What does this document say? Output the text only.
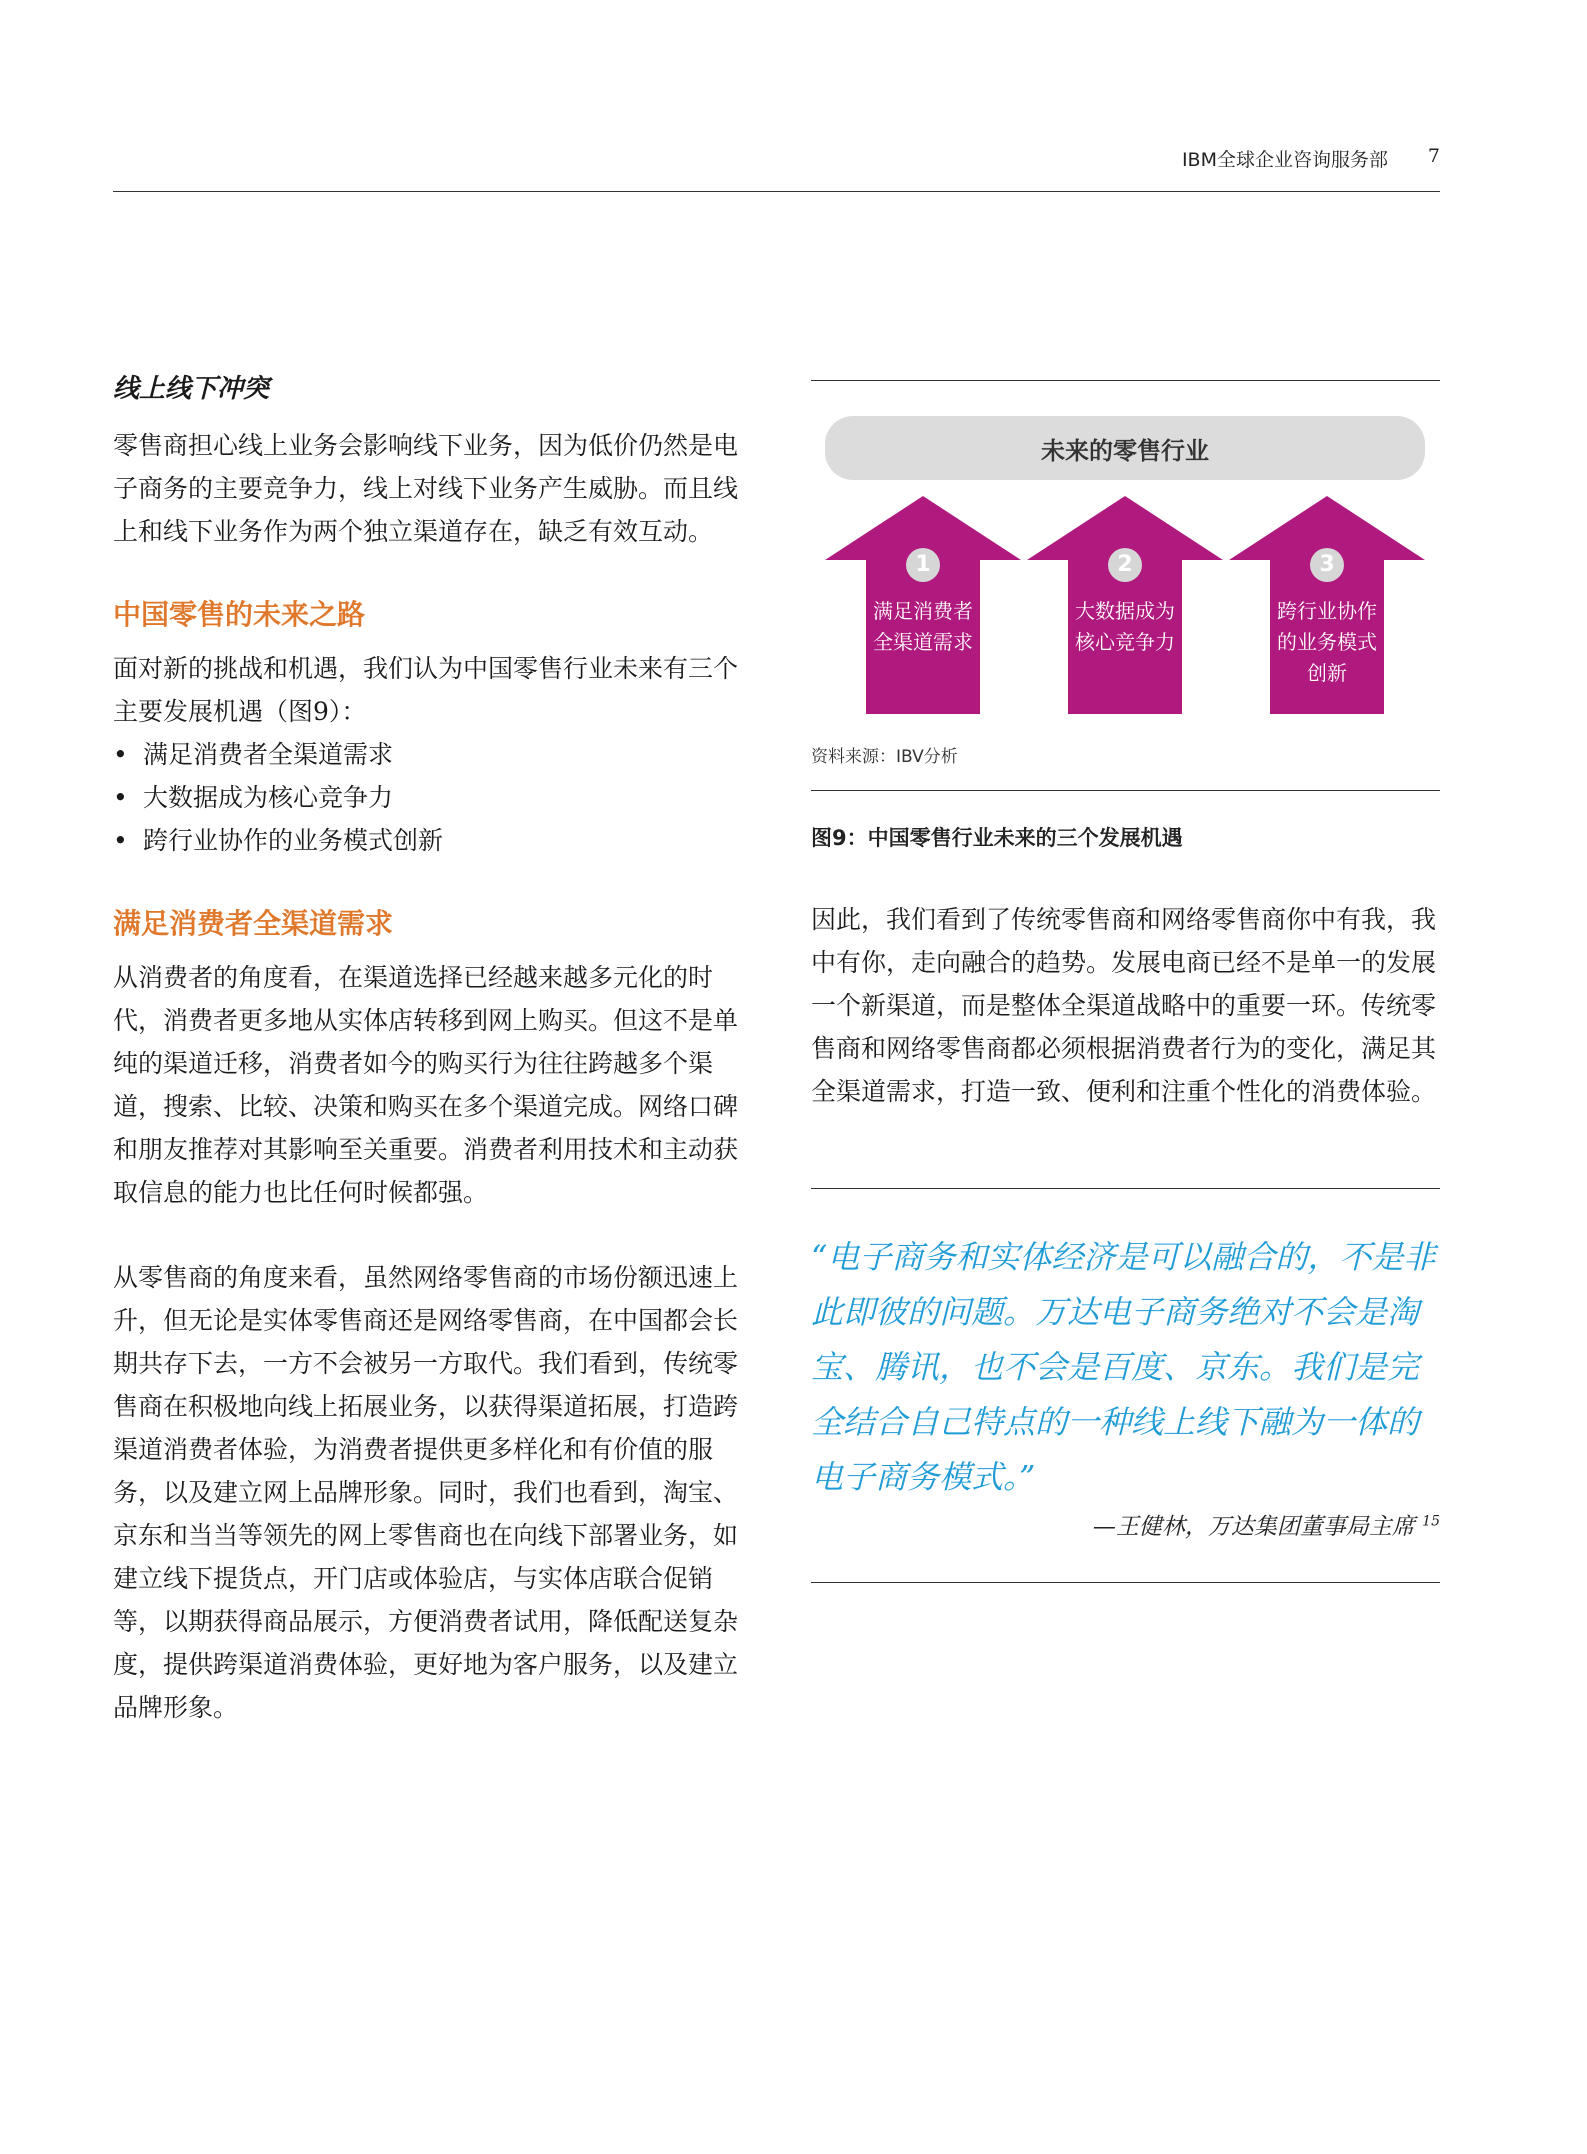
IBM全球企业咨询服务部 7

线上线下冲突

零售商担心线上业务会影响线下业务，因为低价仍然是电子商务的主要竞争力，线上对线下业务产生威胁。而且线上和线下业务作为两个独立渠道存在，缺乏有效互动。

中国零售的未来之路

面对新的挑战和机遇，我们认为中国零售行业未来有三个主要发展机遇（图9）：

• 满足消费者全渠道需求
• 大数据成为核心竞争力
• 跨行业协作的业务模式创新
满足消费者全渠道需求

从消费者的角度看，在渠道选择已经越来越多元化的时代，消费者更多地从实体店转移到网上购买。但这不是单纯的渠道迁移，消费者如今的购买行为往往跨越多个渠道，搜索、比较、决策和购买在多个渠道完成。网络口碑和朋友推荐对其影响至关重要。消费者利用技术和主动获取信息的能力也比任何时候都强。

从零售商的角度来看，虽然网络零售商的市场份额迅速上升，但无论是实体零售商还是网络零售商，在中国都会长期共存下去，一方不会被另一方取代。我们看到，传统零售商在积极地向线上拓展业务，以获得渠道拓展，打造跨渠道消费者体验，为消费者提供更多样化和有价值的服务，以及建立网上品牌形象。同时，我们也看到，淘宝、京东和当当等领先的网上零售商也在向线下部署业务，如建立线下提货点，开门店或体验店，与实体店联合促销等，以期获得商品展示，方便消费者试用，降低配送复杂度，提供跨渠道消费体验，更好地为客户服务，以及建立品牌形象。

未来的零售行业
1
满足消费者
全渠道需求
2
大数据成为
核心竞争力
3
跨行业协作
的业务模式
创新
资料来源：IBV分析
图9：中国零售行业未来的三个发展机遇

因此，我们看到了传统零售商和网络零售商你中有我，我中有你，走向融合的趋势。发展电商已经不是单一的发展一个新渠道，而是整体全渠道战略中的重要一环。传统零售商和网络零售商都必须根据消费者行为的变化，满足其全渠道需求，打造一致、便利和注重个性化的消费体验。

“电子商务和实体经济是可以融合的，不是非此即彼的问题。万达电子商务绝对不会是淘宝、腾讯，也不会是百度、京东。我们是完全结合自己特点的一种线上线下融为一体的电子商务模式。”

—王健林，万达集团董事局主席 $^{15}$
